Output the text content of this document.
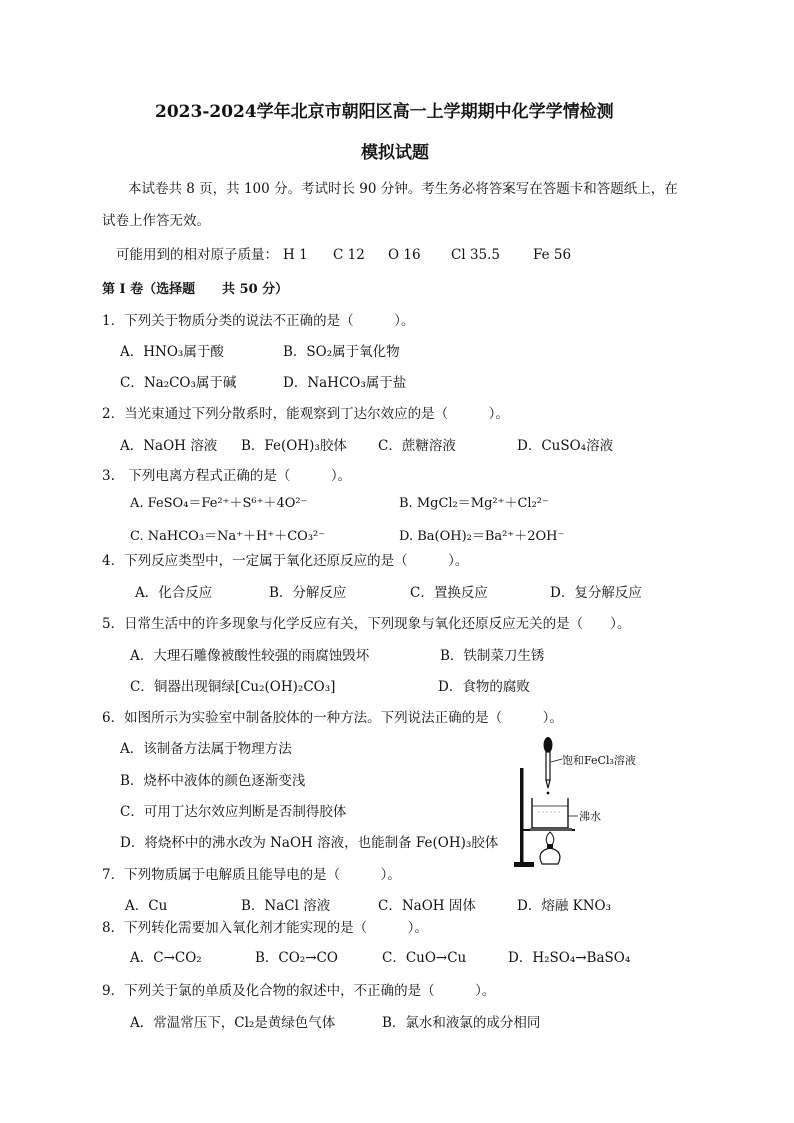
2023-2024学年北京市朝阳区高一上学期期中化学学情检测
模拟试题
本试卷共 8 页，共 100 分。考试时长 90 分钟。考生务必将答案写在答题卡和答题纸上，在
试卷上作答无效。
可能用到的相对原子质量： H 1 C 12 O 16 Cl 35.5 Fe 56
第 I 卷（选择题 共 50 分）
1．下列关于物质分类的说法不正确的是（　　　）。
A．HNO₃属于酸	B．SO₂属于氧化物
C．Na₂CO₃属于碱	D．NaHCO₃属于盐
2．当光束通过下列分散系时，能观察到丁达尔效应的是（　　　）。
A．NaOH 溶液 B．Fe(OH)₃胶体 C．蔗糖溶液	D．CuSO₄溶液
3.　下列电离方程式正确的是（　　　）。
A. FeSO₄＝Fe²⁺＋S⁶⁺＋4O²⁻	B. MgCl₂＝Mg²⁺＋Cl₂²⁻
C. NaHCO₃＝Na⁺＋H⁺＋CO₃²⁻	D. Ba(OH)₂＝Ba²⁺＋2OH⁻
4．下列反应类型中，一定属于氧化还原反应的是（　　　）。
A．化合反应	B．分解反应	C．置换反应	D．复分解反应
5．日常生活中的许多现象与化学反应有关，下列现象与氧化还原反应无关的是（　　）。
A．大理石雕像被酸性较强的雨腐蚀毁坏	B．铁制菜刀生锈
C．铜器出现铜绿[Cu₂(OH)₂CO₃]	D．食物的腐败
6．如图所示为实验室中制备胶体的一种方法。下列说法正确的是（　　　）。
A．该制备方法属于物理方法
B．烧杯中液体的颜色逐渐变浅
C．可用丁达尔效应判断是否制得胶体
D．将烧杯中的沸水改为 NaOH 溶液，也能制备 Fe(OH)₃胶体
饱和FeCl₃溶液
沸水
7．下列物质属于电解质且能导电的是（　　　）。
A．Cu	B．NaCl 溶液	C．NaOH 固体	D．熔融 KNO₃
8．下列转化需要加入氧化剂才能实现的是（　　　）。
A．C→CO₂	B．CO₂→CO	C．CuO→Cu	D．H₂SO₄→BaSO₄
9．下列关于氯的单质及化合物的叙述中，不正确的是（　　　）。
A．常温常压下，Cl₂是黄绿色气体	B．氯水和液氯的成分相同
